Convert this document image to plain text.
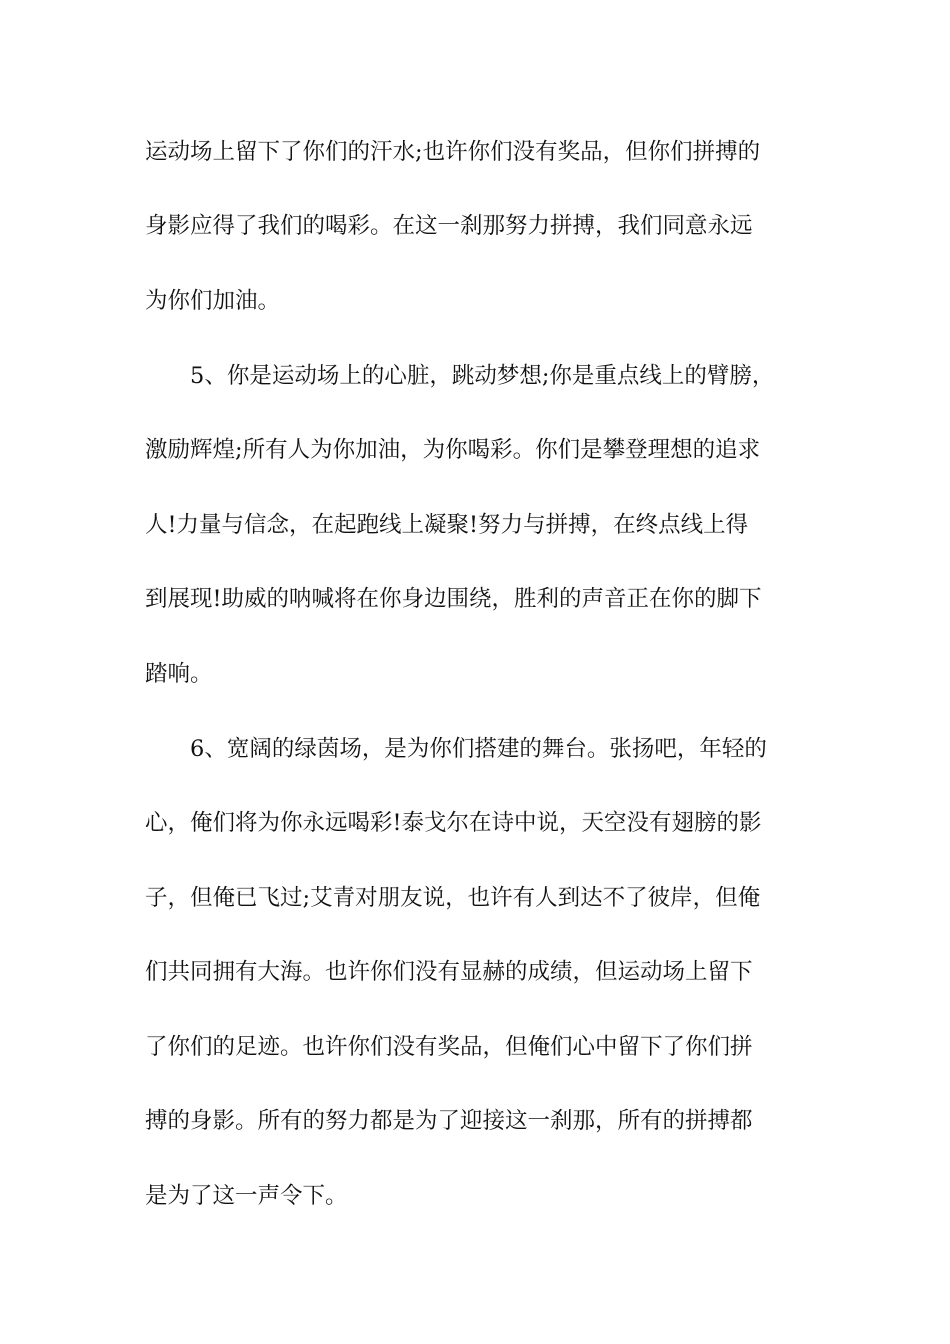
运动场上留下了你们的汗水;也许你们没有奖品，但你们拼搏的
身影应得了我们的喝彩。在这一刹那努力拼搏，我们同意永远
为你们加油。
　　5、你是运动场上的心脏，跳动梦想;你是重点线上的臂膀，
激励辉煌;所有人为你加油，为你喝彩。你们是攀登理想的追求
人!力量与信念，在起跑线上凝聚!努力与拼搏，在终点线上得
到展现!助威的呐喊将在你身边围绕，胜利的声音正在你的脚下
踏响。
　　6、宽阔的绿茵场，是为你们搭建的舞台。张扬吧，年轻的
心，俺们将为你永远喝彩!泰戈尔在诗中说，天空没有翅膀的影
子，但俺已飞过;艾青对朋友说，也许有人到达不了彼岸，但俺
们共同拥有大海。也许你们没有显赫的成绩，但运动场上留下
了你们的足迹。也许你们没有奖品，但俺们心中留下了你们拼
搏的身影。所有的努力都是为了迎接这一刹那，所有的拼搏都
是为了这一声令下。
